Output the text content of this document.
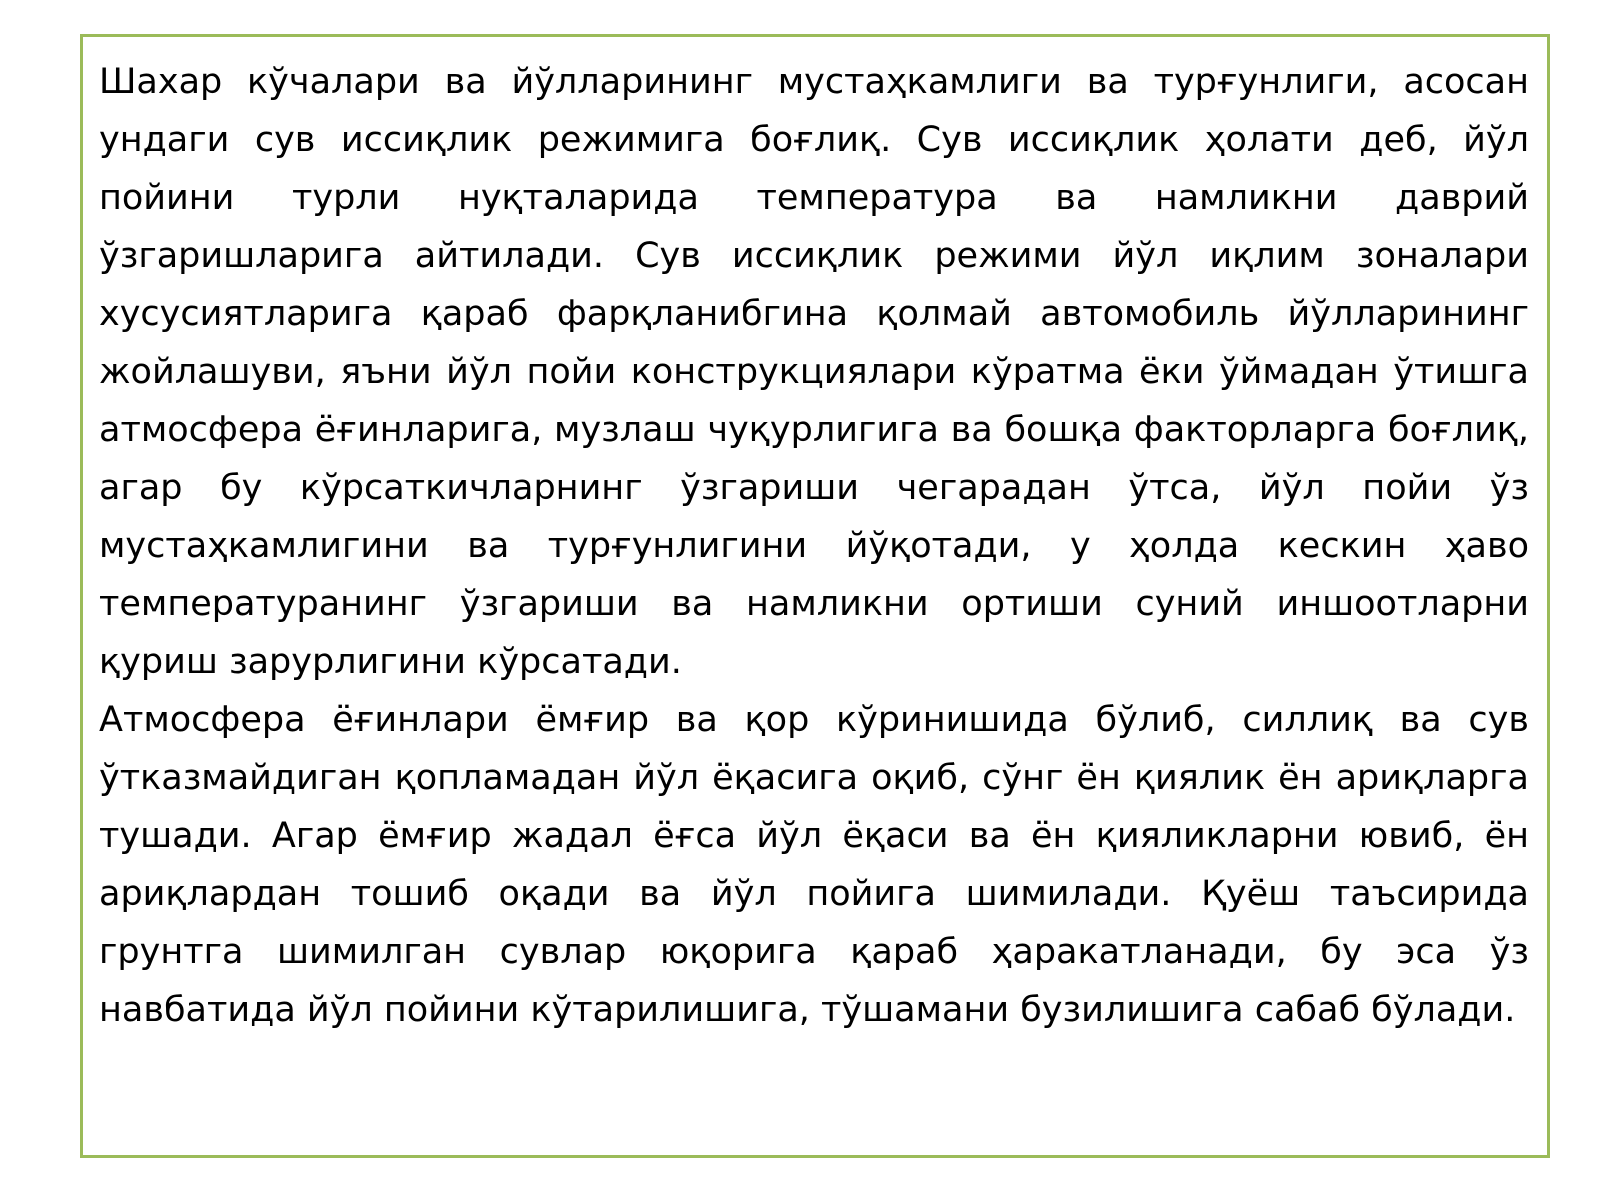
Шахар кўчалари ва йўлларининг мустаҳкамлиги ва турғунлиги, асосан ундаги сув иссиқлик режимига боғлиқ. Сув иссиқлик ҳолати деб, йўл пойини турли нуқталарида температура ва намликни даврий ўзгаришларига айтилади. Сув иссиқлик режими йўл иқлим зоналари хусусиятларига қараб фарқланибгина қолмай автомобиль йўлларининг жойлашуви, яъни йўл пойи конструкциялари кўратма ёки ўймадан ўтишга атмосфера ёғинларига, музлаш чуқурлигига ва бошқа факторларга боғлиқ, агар бу кўрсаткичларнинг ўзгариши чегарадан ўтса, йўл пойи ўз мустаҳкамлигини ва турғунлигини йўқотади, у ҳолда кескин ҳаво температуранинг ўзгариши ва намликни ортиши суний иншоотларни қуриш зарурлигини кўрсатади.
Атмосфера ёғинлари ёмғир ва қор кўринишида бўлиб, силлиқ ва сув ўтказмайдиган қопламадан йўл ёқасига оқиб, сўнг ён қиялик ён ариқларга тушади. Агар ёмғир жадал ёғса йўл ёқаси ва ён қияликларни ювиб, ён ариқлардан тошиб оқади ва йўл пойига шимилади. Қуёш таъсирида грунтга шимилган сувлар юқорига қараб ҳаракатланади, бу эса ўз навбатида йўл пойини кўтарилишига, тўшамани бузилишига сабаб бўлади.
